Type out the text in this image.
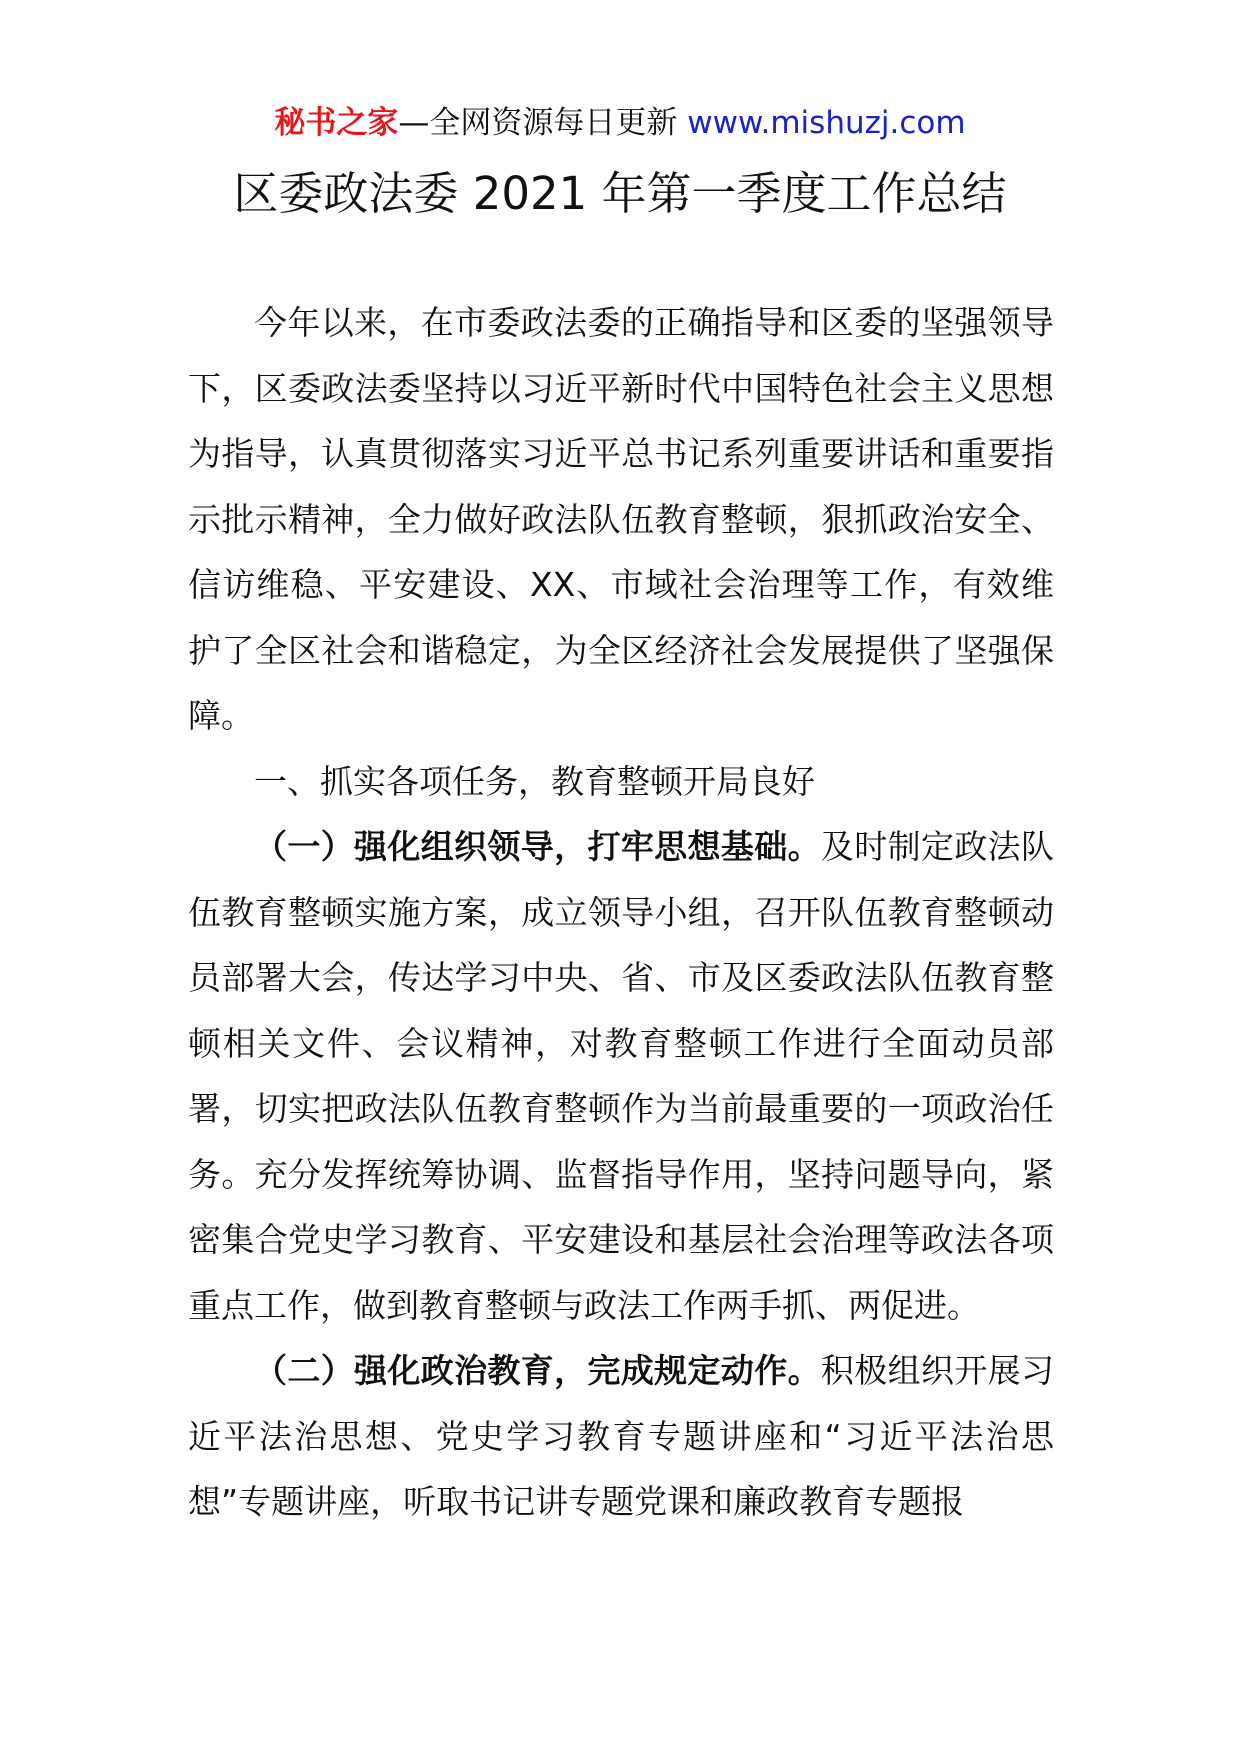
秘书之家—全网资源每日更新 www.mishuzj.com
区委政法委 2021 年第一季度工作总结

今年以来，在市委政法委的正确指导和区委的坚强领导下，区委政法委坚持以习近平新时代中国特色社会主义思想为指导，认真贯彻落实习近平总书记系列重要讲话和重要指示批示精神，全力做好政法队伍教育整顿，狠抓政治安全、信访维稳、平安建设、XX、市域社会治理等工作，有效维护了全区社会和谐稳定，为全区经济社会发展提供了坚强保障。

一、抓实各项任务，教育整顿开局良好

（一）强化组织领导，打牢思想基础。及时制定政法队伍教育整顿实施方案，成立领导小组，召开队伍教育整顿动员部署大会，传达学习中央、省、市及区委政法队伍教育整顿相关文件、会议精神，对教育整顿工作进行全面动员部署，切实把政法队伍教育整顿作为当前最重要的一项政治任务。充分发挥统筹协调、监督指导作用，坚持问题导向，紧密集合党史学习教育、平安建设和基层社会治理等政法各项重点工作，做到教育整顿与政法工作两手抓、两促进。

（二）强化政治教育，完成规定动作。积极组织开展习近平法治思想、党史学习教育专题讲座和“习近平法治思想”专题讲座，听取书记讲专题党课和廉政教育专题报
